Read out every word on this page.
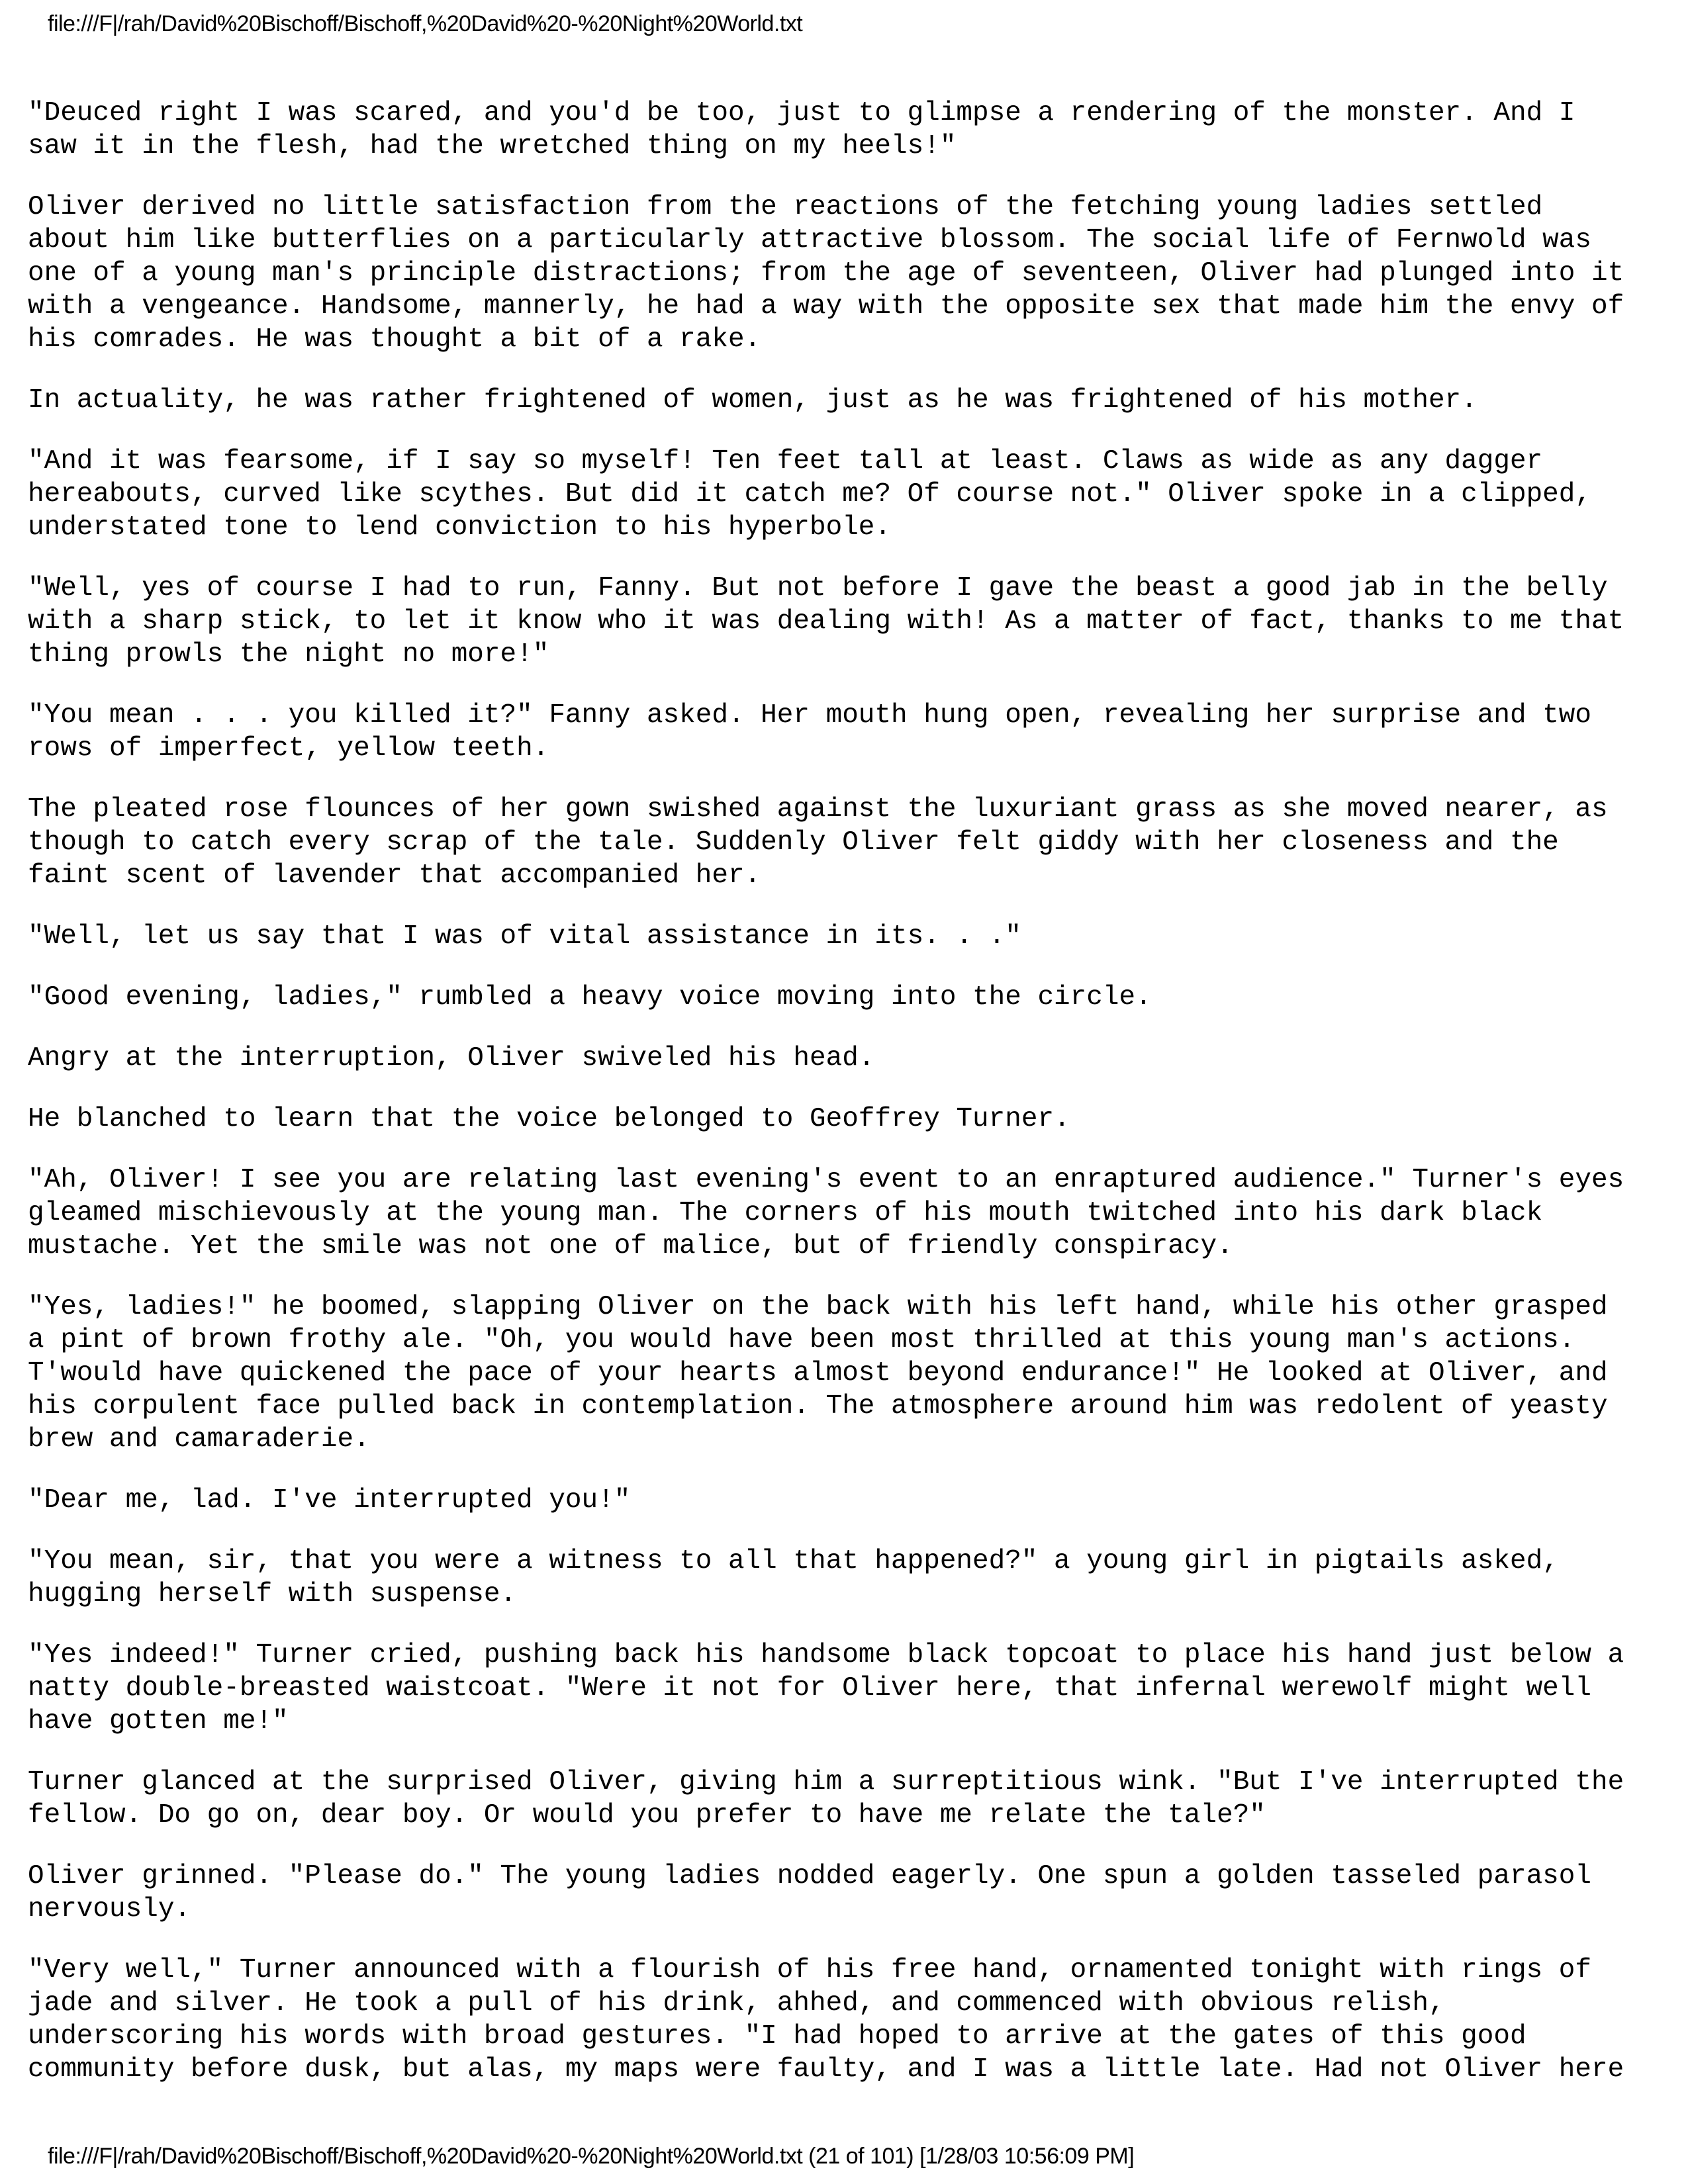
file:///F|/rah/David%20Bischoff/Bischoff,%20David%20-%20Night%20World.txt

"Deuced right I was scared, and you'd be too, just to glimpse a rendering of the monster. And I
saw it in the flesh, had the wretched thing on my heels!"

Oliver derived no little satisfaction from the reactions of the fetching young ladies settled
about him like butterflies on a particularly attractive blossom. The social life of Fernwold was
one of a young man's principle distractions; from the age of seventeen, Oliver had plunged into it
with a vengeance. Handsome, mannerly, he had a way with the opposite sex that made him the envy of
his comrades. He was thought a bit of a rake.

In actuality, he was rather frightened of women, just as he was frightened of his mother.

"And it was fearsome, if I say so myself! Ten feet tall at least. Claws as wide as any dagger
hereabouts, curved like scythes. But did it catch me? Of course not." Oliver spoke in a clipped,
understated tone to lend conviction to his hyperbole.

"Well, yes of course I had to run, Fanny. But not before I gave the beast a good jab in the belly
with a sharp stick, to let it know who it was dealing with! As a matter of fact, thanks to me that
thing prowls the night no more!"

"You mean . . . you killed it?" Fanny asked. Her mouth hung open, revealing her surprise and two
rows of imperfect, yellow teeth.

The pleated rose flounces of her gown swished against the luxuriant grass as she moved nearer, as
though to catch every scrap of the tale. Suddenly Oliver felt giddy with her closeness and the
faint scent of lavender that accompanied her.

"Well, let us say that I was of vital assistance in its. . ."

"Good evening, ladies," rumbled a heavy voice moving into the circle.

Angry at the interruption, Oliver swiveled his head.

He blanched to learn that the voice belonged to Geoffrey Turner.

"Ah, Oliver! I see you are relating last evening's event to an enraptured audience." Turner's eyes
gleamed mischievously at the young man. The corners of his mouth twitched into his dark black
mustache. Yet the smile was not one of malice, but of friendly conspiracy.

"Yes, ladies!" he boomed, slapping Oliver on the back with his left hand, while his other grasped
a pint of brown frothy ale. "Oh, you would have been most thrilled at this young man's actions.
T'would have quickened the pace of your hearts almost beyond endurance!" He looked at Oliver, and
his corpulent face pulled back in contemplation. The atmosphere around him was redolent of yeasty
brew and camaraderie.

"Dear me, lad. I've interrupted you!"

"You mean, sir, that you were a witness to all that happened?" a young girl in pigtails asked,
hugging herself with suspense.

"Yes indeed!" Turner cried, pushing back his handsome black topcoat to place his hand just below a
natty double-breasted waistcoat. "Were it not for Oliver here, that infernal werewolf might well
have gotten me!"

Turner glanced at the surprised Oliver, giving him a surreptitious wink. "But I've interrupted the
fellow. Do go on, dear boy. Or would you prefer to have me relate the tale?"

Oliver grinned. "Please do." The young ladies nodded eagerly. One spun a golden tasseled parasol
nervously.

"Very well," Turner announced with a flourish of his free hand, ornamented tonight with rings of
jade and silver. He took a pull of his drink, ahhed, and commenced with obvious relish,
underscoring his words with broad gestures. "I had hoped to arrive at the gates of this good
community before dusk, but alas, my maps were faulty, and I was a little late. Had not Oliver here

file:///F|/rah/David%20Bischoff/Bischoff,%20David%20-%20Night%20World.txt (21 of 101) [1/28/03 10:56:09 PM]
